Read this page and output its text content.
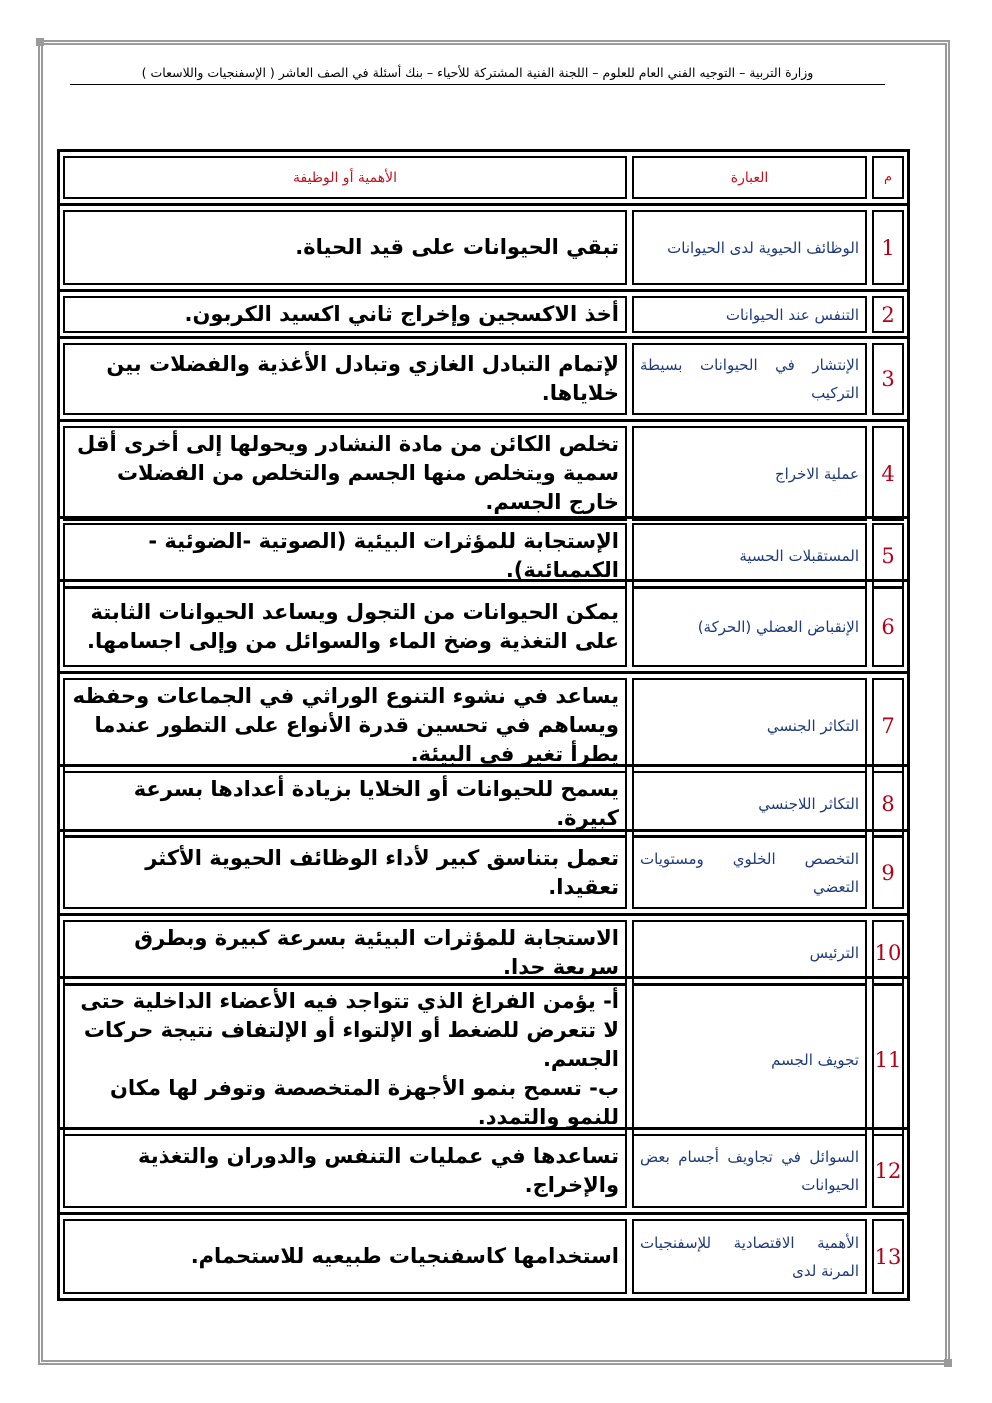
وزارة التربية – التوجيه الفني العام للعلوم – اللجنة الفنية المشتركة للأحياء – بنك أسئلة في الصف العاشر ( الإسفنجيات واللاسعات )
م
العبارة
الأهمية أو الوظيفة
1
الوظائف الحيوية لدى الحيوانات
تبقي الحيوانات على قيد الحياة.
2
التنفس عند الحيوانات
أخذ الاكسجين وإخراج ثاني اكسيد الكربون.
3
الإنتشار في الحيوانات بسيطة التركيب
لإتمام التبادل الغازي وتبادل الأغذية والفضلات بين خلاياها.
4
عملية الاخراج
تخلص الكائن من مادة النشادر ويحولها إلى أخرى أقل سمية ويتخلص منها الجسم والتخلص من الفضلات خارج الجسم.
5
المستقبلات الحسية
الإستجابة للمؤثرات البيئية (الصوتية -الضوئية - الكيميائية).
6
الإنقباض العضلي (الحركة)
يمكن الحيوانات من التجول ويساعد الحيوانات الثابتة على التغذية وضخ الماء والسوائل من وإلى اجسامها.
7
التكاثر الجنسي
يساعد في نشوء التنوع الوراثي في الجماعات وحفظه ويساهم في تحسين قدرة الأنواع على التطور عندما يطرأ تغير في البيئة.
8
التكاثر اللاجنسي
يسمح للحيوانات أو الخلايا بزيادة أعدادها بسرعة كبيرة.
9
التخصص الخلوي ومستويات التعضي
تعمل بتناسق كبير لأداء الوظائف الحيوية الأكثر تعقيدا.
10
الترئيس
الاستجابة للمؤثرات البيئية بسرعة كبيرة وبطرق سريعة جدا.
11
تجويف الجسم
أ- يؤمن الفراغ الذي تتواجد فيه الأعضاء الداخلية حتى لا تتعرض للضغط أو الإلتواء أو الإلتفاف نتيجة حركات الجسم.
ب- تسمح بنمو الأجهزة المتخصصة وتوفر لها مكان للنمو والتمدد.
12
السوائل في تجاويف أجسام بعض الحيوانات
تساعدها في عمليات التنفس والدوران والتغذية والإخراج.
13
الأهمية الاقتصادية للإسفنجيات المرنة لدى
استخدامها كاسفنجيات طبيعيه للاستحمام.
